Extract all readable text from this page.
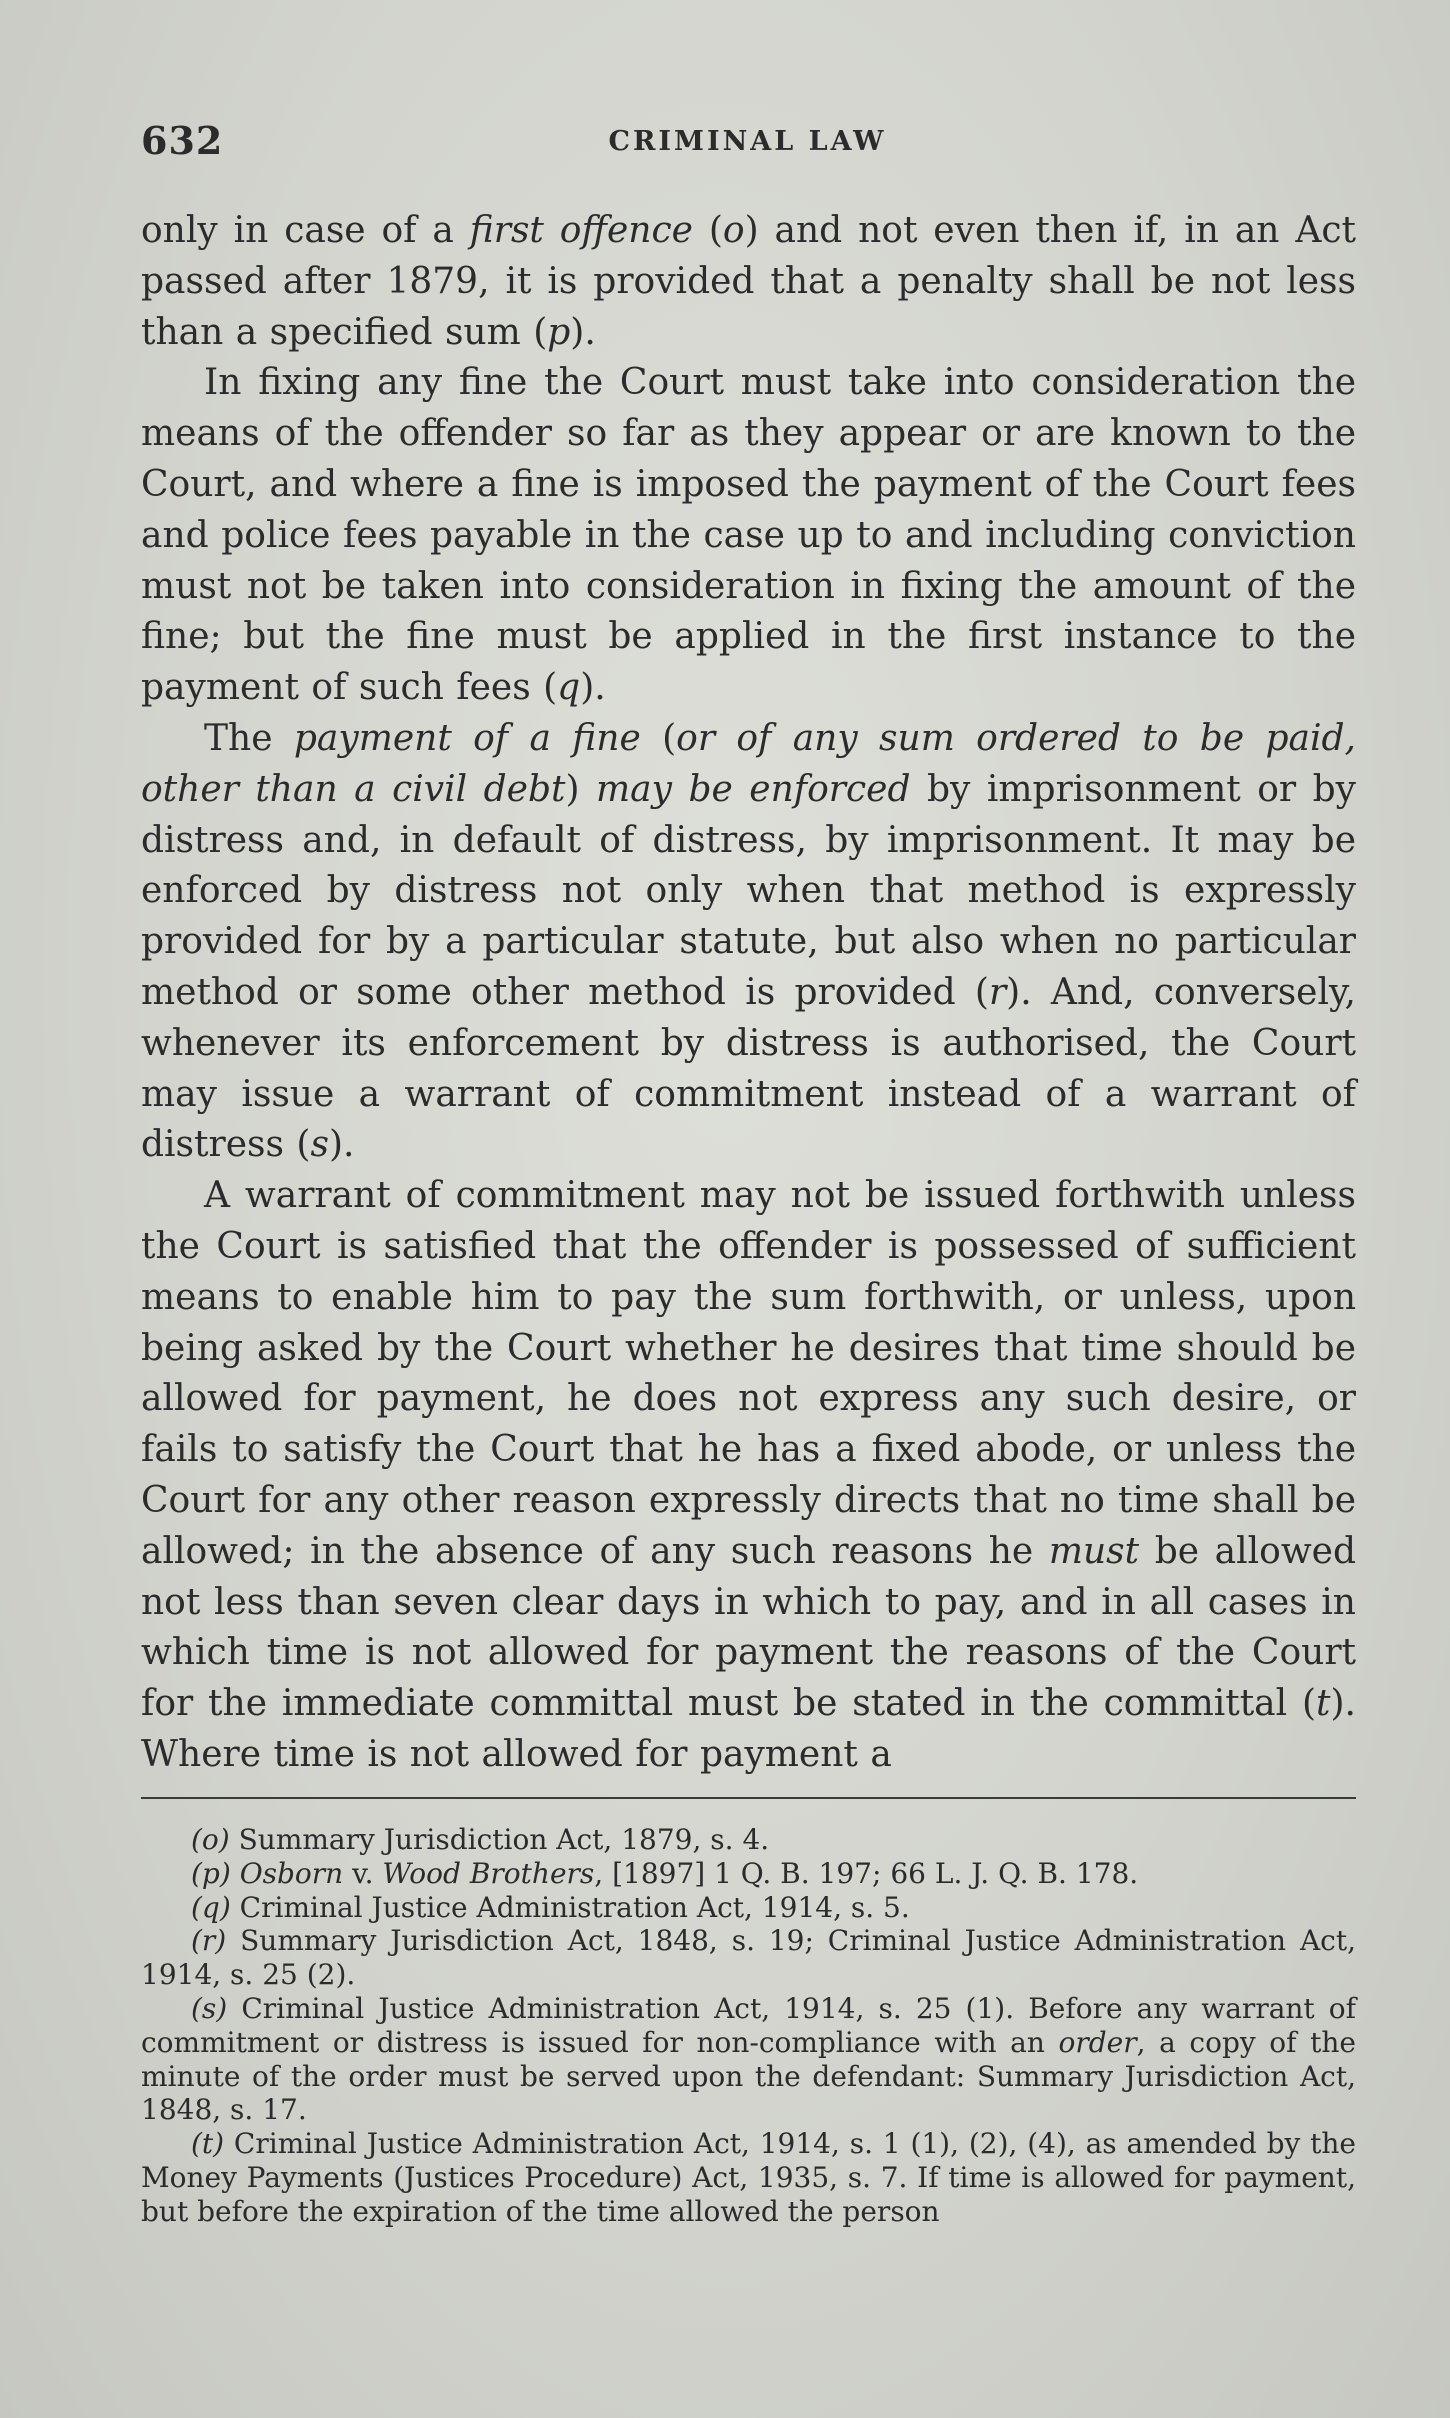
632	CRIMINAL LAW

only in case of a first offence (o) and not even then if, in an Act passed after 1879, it is provided that a penalty shall be not less than a specified sum (p).

In fixing any fine the Court must take into consideration the means of the offender so far as they appear or are known to the Court, and where a fine is imposed the payment of the Court fees and police fees payable in the case up to and including conviction must not be taken into consideration in fixing the amount of the fine; but the fine must be applied in the first instance to the payment of such fees (q).

The payment of a fine (or of any sum ordered to be paid, other than a civil debt) may be enforced by imprisonment or by distress and, in default of distress, by imprisonment. It may be enforced by distress not only when that method is expressly provided for by a particular statute, but also when no particular method or some other method is provided (r). And, conversely, whenever its enforcement by distress is authorised, the Court may issue a warrant of commitment instead of a warrant of distress (s).

A warrant of commitment may not be issued forthwith unless the Court is satisfied that the offender is possessed of sufficient means to enable him to pay the sum forthwith, or unless, upon being asked by the Court whether he desires that time should be allowed for payment, he does not express any such desire, or fails to satisfy the Court that he has a fixed abode, or unless the Court for any other reason expressly directs that no time shall be allowed; in the absence of any such reasons he must be allowed not less than seven clear days in which to pay, and in all cases in which time is not allowed for payment the reasons of the Court for the immediate committal must be stated in the committal (t). Where time is not allowed for payment a

(o) Summary Jurisdiction Act, 1879, s. 4.

(p) Osborn v. Wood Brothers, [1897] 1 Q. B. 197; 66 L. J. Q. B. 178.

(q) Criminal Justice Administration Act, 1914, s. 5.

(r) Summary Jurisdiction Act, 1848, s. 19; Criminal Justice Administration Act, 1914, s. 25 (2).

(s) Criminal Justice Administration Act, 1914, s. 25 (1). Before any warrant of commitment or distress is issued for non-compliance with an order, a copy of the minute of the order must be served upon the defendant: Summary Jurisdiction Act, 1848, s. 17.

(t) Criminal Justice Administration Act, 1914, s. 1 (1), (2), (4), as amended by the Money Payments (Justices Procedure) Act, 1935, s. 7. If time is allowed for payment, but before the expiration of the time allowed the person
